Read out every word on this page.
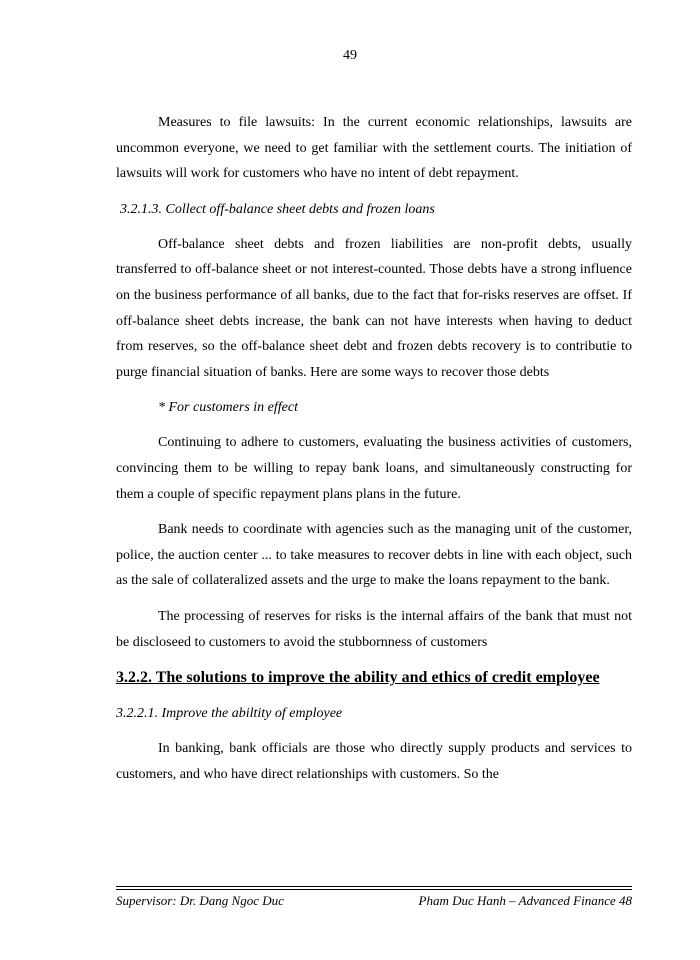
49

Measures to file lawsuits: In the current economic relationships, lawsuits are uncommon everyone, we need to get familiar with the settlement courts. The initiation of lawsuits will work for customers who have no intent of debt repayment.

3.2.1.3. Collect off-balance sheet debts and frozen loans

Off-balance sheet debts and frozen liabilities are non-profit debts, usually transferred to off-balance sheet or not interest-counted. Those debts have a strong influence on the business performance of all banks, due to the fact that for-risks reserves are offset. If off-balance sheet debts increase, the bank can not have interests when having to deduct from reserves, so the off-balance sheet debt and frozen debts recovery is to contributie to purge financial situation of banks. Here are some ways to recover those debts

* For customers in effect

Continuing to adhere to customers, evaluating the business activities of customers, convincing them to be willing to repay bank loans, and simultaneously constructing for them a couple of specific repayment plans plans in the future.

Bank needs to coordinate with agencies such as the managing unit of the customer, police, the auction center ... to take measures to recover debts in line with each object, such as the sale of collateralized assets and the urge to make the loans repayment to the bank.

The processing of reserves for risks is the internal affairs of the bank that must not be discloseed to customers to avoid the stubbornness of customers

3.2.2. The solutions to improve the ability and ethics of credit employee
3.2.2.1. Improve the abiltity of employee

In banking, bank officials are those who directly supply products and services to customers, and who have direct relationships with customers. So the

Supervisor: Dr. Dang Ngoc Duc	Pham Duc Hanh – Advanced Finance 48
